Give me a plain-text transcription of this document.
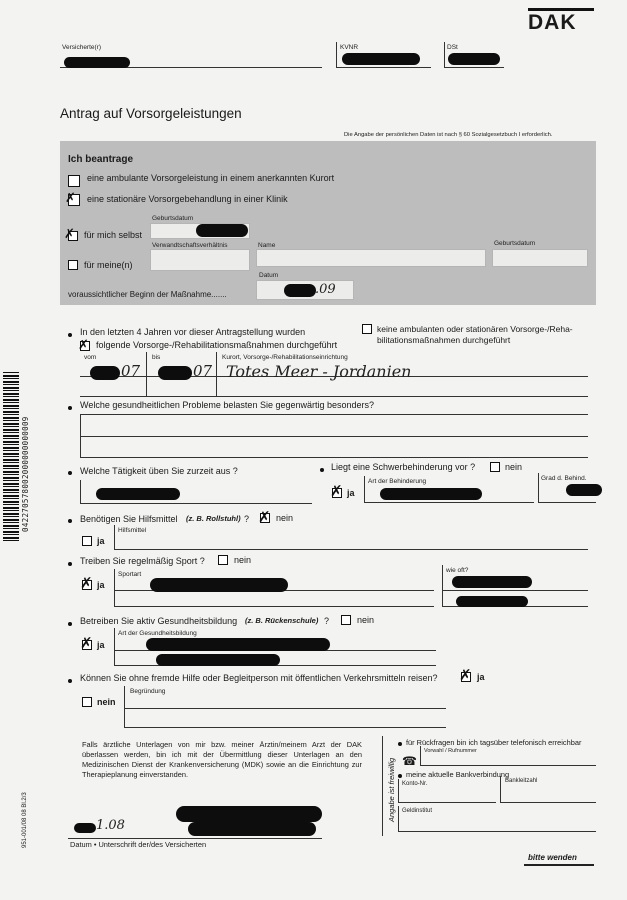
DAK
Versicherte(r)	KVNR	DSt
Antrag auf Vorsorgeleistungen
Die Angabe der persönlichen Daten ist nach § 60 Sozialgesetzbuch I erforderlich.
Ich beantrage
eine ambulante Vorsorgeleistung in einem anerkannten Kurort
✗ eine stationäre Vorsorgebehandlung in einer Klinik
Geburtsdatum
✗ für mich selbst
Verwandtschaftsverhältnis	Name	Geburtsdatum
für meine(n)
voraussichtlicher Beginn der Maßnahme.......
Datum
.09
In den letzten 4 Jahren vor dieser Antragstellung wurden
✗ folgende Vorsorge-/Rehabilitationsmaßnahmen durchgeführt
keine ambulanten oder stationären Vorsorge-/Reha-
bilitationsmaßnahmen durchgeführt
vom	bis	Kurort, Vorsorge-/Rehabilitationseinrichtung
07	07 Totes Meer - Jordanien
Welche gesundheitlichen Probleme belasten Sie gegenwärtig besonders?
Welche Tätigkeit üben Sie zurzeit aus ?	Liegt eine Schwerbehinderung vor ?	nein
✗ ja
Art der Behinderung	Grad d. Behind.
Benötigen Sie Hilfsmittel (z. B. Rollstuhl) ? ✗ nein
ja
Hilfsmittel
Treiben Sie regelmäßig Sport ?	nein
✗ ja
Sportart
wie oft?
Betreiben Sie aktiv Gesundheitsbildung (z. B. Rückenschule) ?	nein
✗ ja
Art der Gesundheitsbildung
Können Sie ohne fremde Hilfe oder Begleitperson mit öffentlichen Verkehrsmitteln reisen? ✗ ja
nein
Begründung
Falls ärztliche Unterlagen von mir bzw. meiner Ärztin/meinem Arzt der DAK überlassen werden, bin ich mit der Übermittlung dieser Unterlagen an den Medizinischen Dienst der Krankenversicherung (MDK) sowie an die Einrichtung zur Therapieplanung einverstanden.
1.08
Datum • Unterschrift der/des Versicherten
Angabe ist freiwillig
für Rückfragen bin ich tagsüber telefonisch erreichbar
Vorwahl / Rufnummer
☎
meine aktuelle Bankverbindung
Konto-Nr.	Bankleitzahl
Geldinstitut
bitte wenden
042270578002000000000009
951-001/08 08 Bl.2/3
